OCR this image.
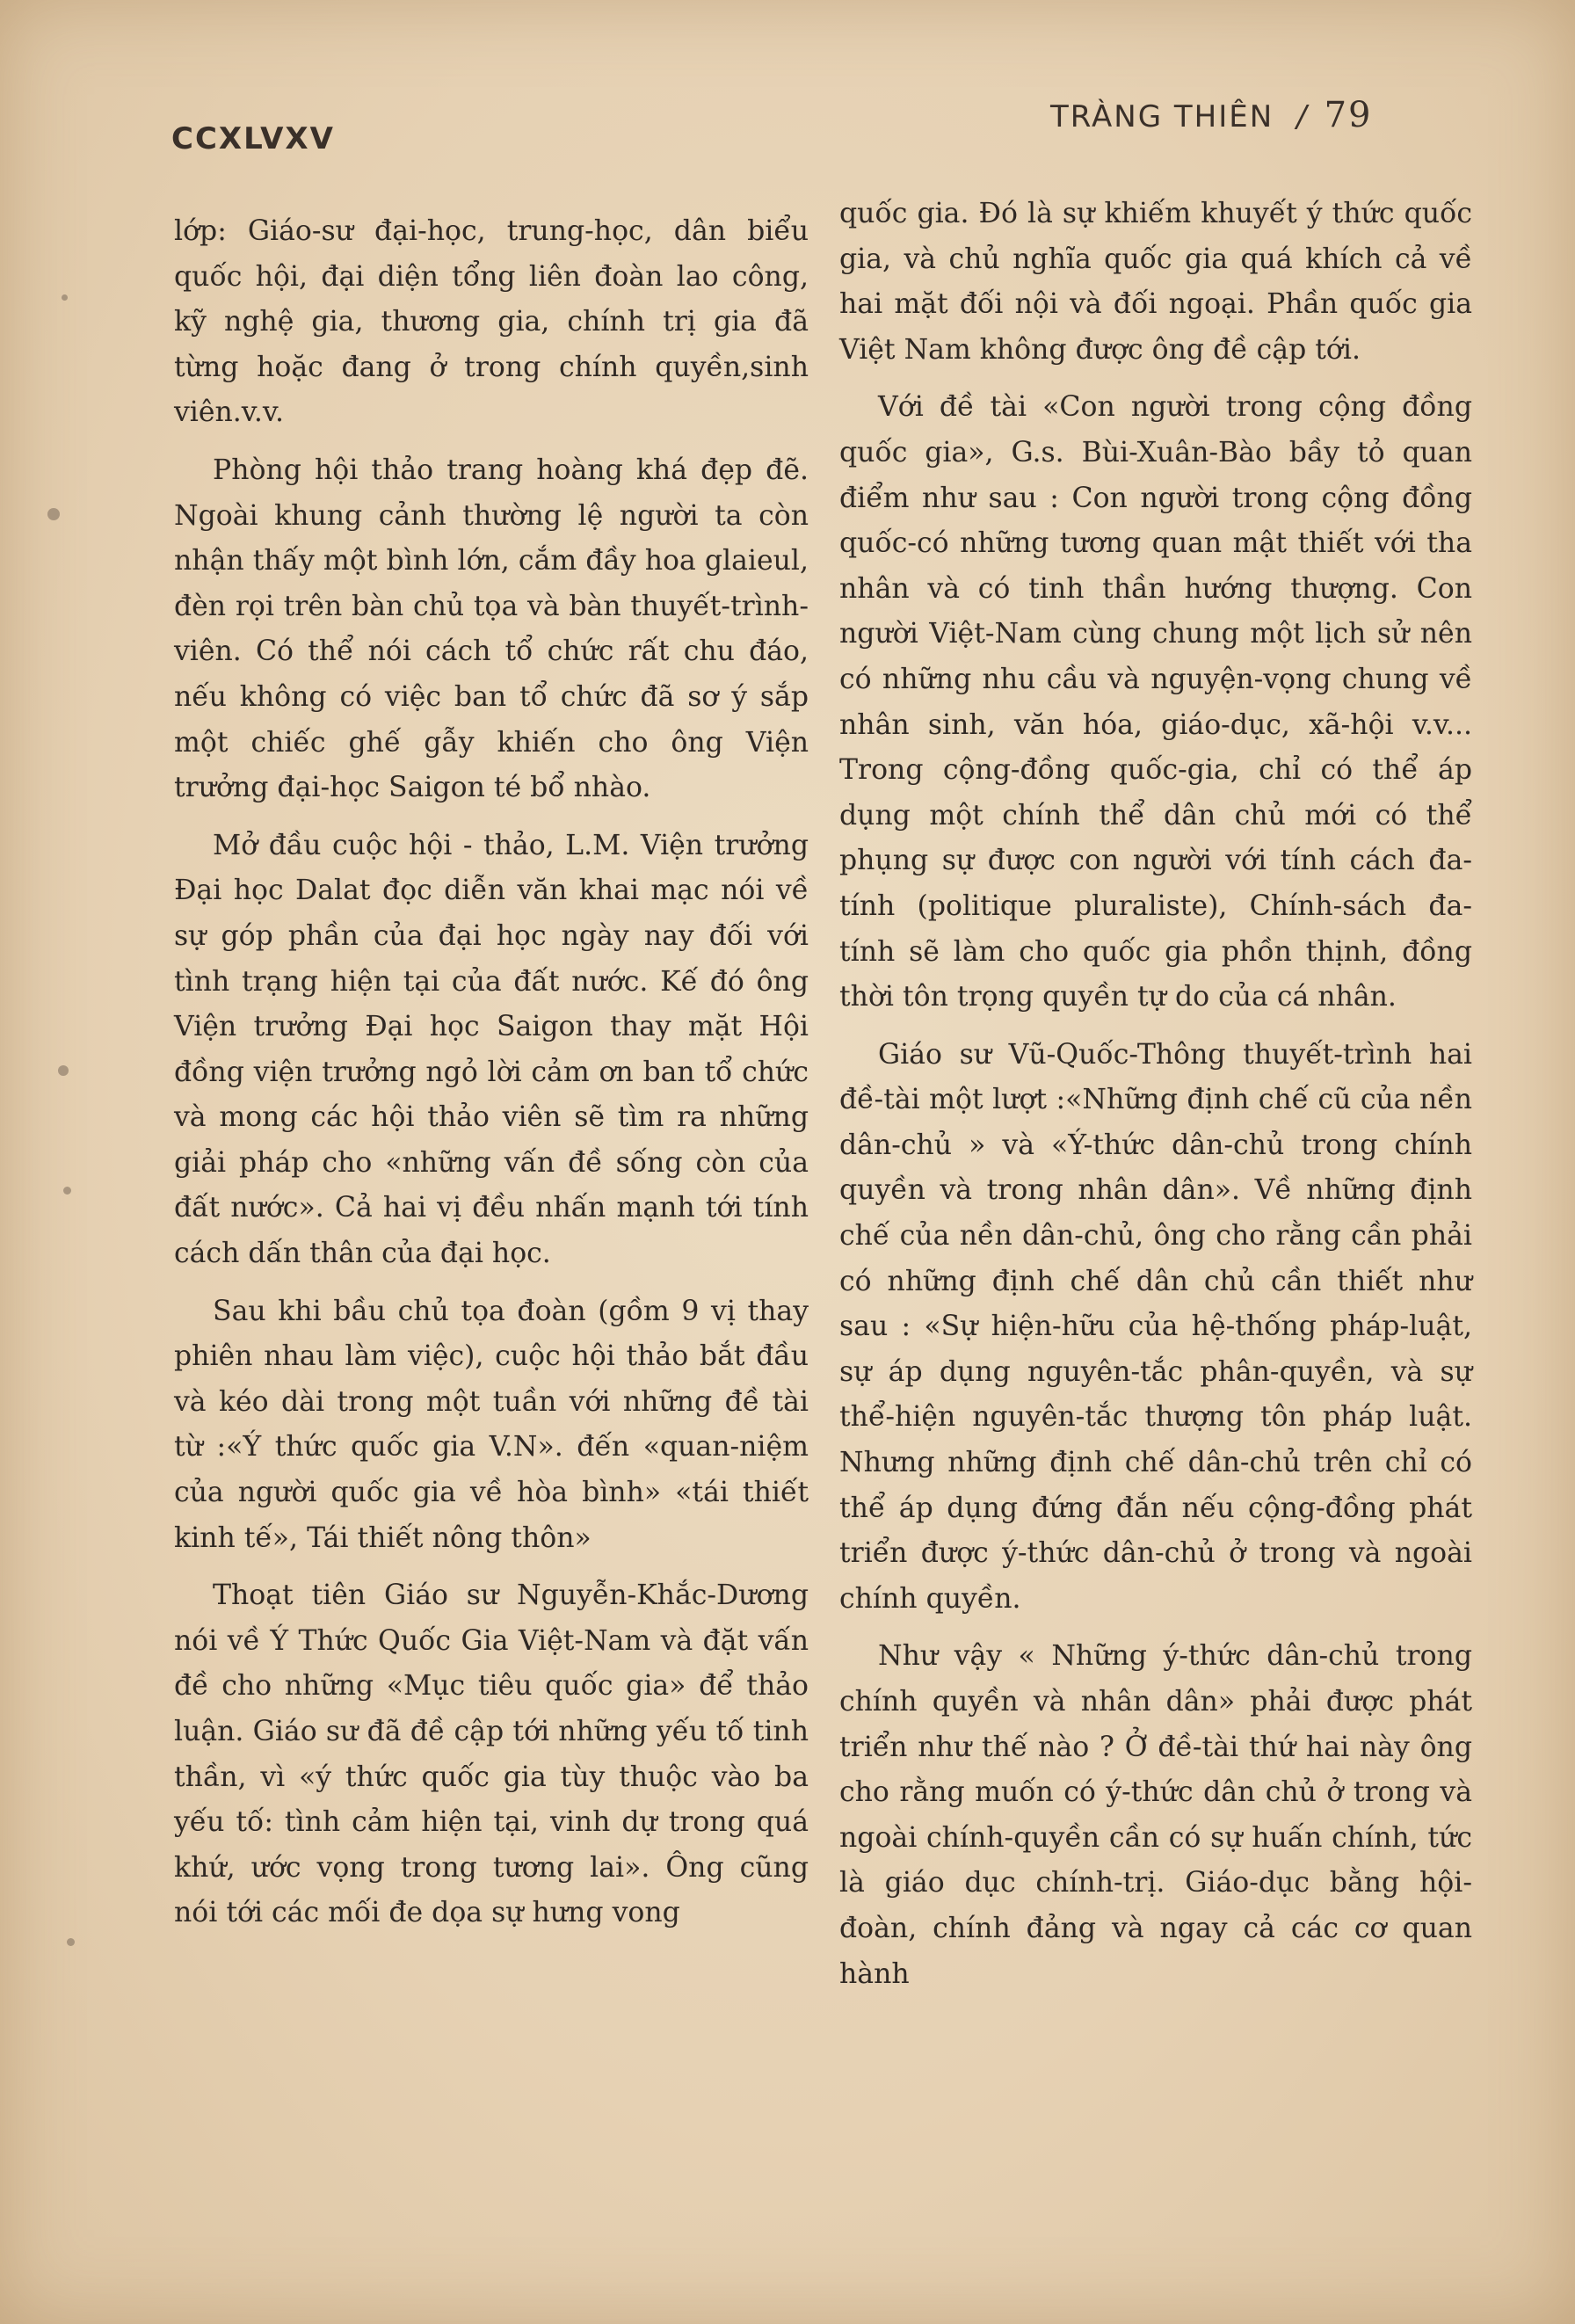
CCXLVXV
TRÀNG THIÊN / 79

lớp: Giáo-sư đại-học, trung-học, dân biểu quốc hội, đại diện tổng liên đoàn lao công, kỹ nghệ gia, thương gia, chính trị gia đã từng hoặc đang ở trong chính quyền,sinh viên.v.v.

Phòng hội thảo trang hoàng khá đẹp đẽ. Ngoài khung cảnh thường lệ người ta còn nhận thấy một bình lớn, cắm đầy hoa glaieul, đèn rọi trên bàn chủ tọa và bàn thuyết-trình-viên. Có thể nói cách tổ chức rất chu đáo, nếu không có việc ban tổ chức đã sơ ý sắp một chiếc ghế gẫy khiến cho ông Viện trưởng đại-học Saigon té bổ nhào.

Mở đầu cuộc hội - thảo, L.M. Viện trưởng Đại học Dalat đọc diễn văn khai mạc nói về sự góp phần của đại học ngày nay đối với tình trạng hiện tại của đất nước. Kế đó ông Viện trưởng Đại học Saigon thay mặt Hội đồng viện trưởng ngỏ lời cảm ơn ban tổ chức và mong các hội thảo viên sẽ tìm ra những giải pháp cho «những vấn đề sống còn của đất nước». Cả hai vị đều nhấn mạnh tới tính cách dấn thân của đại học.

Sau khi bầu chủ tọa đoàn (gồm 9 vị thay phiên nhau làm việc), cuộc hội thảo bắt đầu và kéo dài trong một tuần với những đề tài từ :«Ý thức quốc gia V.N». đến «quan-niệm của người quốc gia về hòa bình» «tái thiết kinh tế», Tái thiết nông thôn»

Thoạt tiên Giáo sư Nguyễn-Khắc-Dương nói về Ý Thức Quốc Gia Việt-Nam và đặt vấn đề cho những «Mục tiêu quốc gia» để thảo luận. Giáo sư đã đề cập tới những yếu tố tinh thần, vì «ý thức quốc gia tùy thuộc vào ba yếu tố: tình cảm hiện tại, vinh dự trong quá khứ, ước vọng trong tương lai». Ông cũng nói tới các mối đe dọa sự hưng vong

quốc gia. Đó là sự khiếm khuyết ý thức quốc gia, và chủ nghĩa quốc gia quá khích cả về hai mặt đối nội và đối ngoại. Phần quốc gia Việt Nam không được ông đề cập tới.

Với đề tài «Con người trong cộng đồng quốc gia», G.s. Bùi-Xuân-Bào bầy tỏ quan điểm như sau : Con người trong cộng đồng quốc-có những tương quan mật thiết với tha nhân và có tinh thần hướng thượng. Con người Việt-Nam cùng chung một lịch sử nên có những nhu cầu và nguyện-vọng chung về nhân sinh, văn hóa, giáo-dục, xã-hội v.v... Trong cộng-đồng quốc-gia, chỉ có thể áp dụng một chính thể dân chủ mới có thể phụng sự được con người với tính cách đa-tính (politique pluraliste), Chính-sách đa-tính sẽ làm cho quốc gia phồn thịnh, đồng thời tôn trọng quyền tự do của cá nhân.

Giáo sư Vũ-Quốc-Thông thuyết-trình hai đề-tài một lượt :«Những định chế cũ của nền dân-chủ » và «Ý-thức dân-chủ trong chính quyền và trong nhân dân». Về những định chế của nền dân-chủ, ông cho rằng cần phải có những định chế dân chủ cần thiết như sau : «Sự hiện-hữu của hệ-thống pháp-luật, sự áp dụng nguyên-tắc phân-quyền, và sự thể-hiện nguyên-tắc thượng tôn pháp luật. Nhưng những định chế dân-chủ trên chỉ có thể áp dụng đứng đắn nếu cộng-đồng phát triển được ý-thức dân-chủ ở trong và ngoài chính quyền.

Như vậy « Những ý-thức dân-chủ trong chính quyền và nhân dân» phải được phát triển như thế nào ? Ở đề-tài thứ hai này ông cho rằng muốn có ý-thức dân chủ ở trong và ngoài chính-quyền cần có sự huấn chính, tức là giáo dục chính-trị. Giáo-dục bằng hội-đoàn, chính đảng và ngay cả các cơ quan hành
